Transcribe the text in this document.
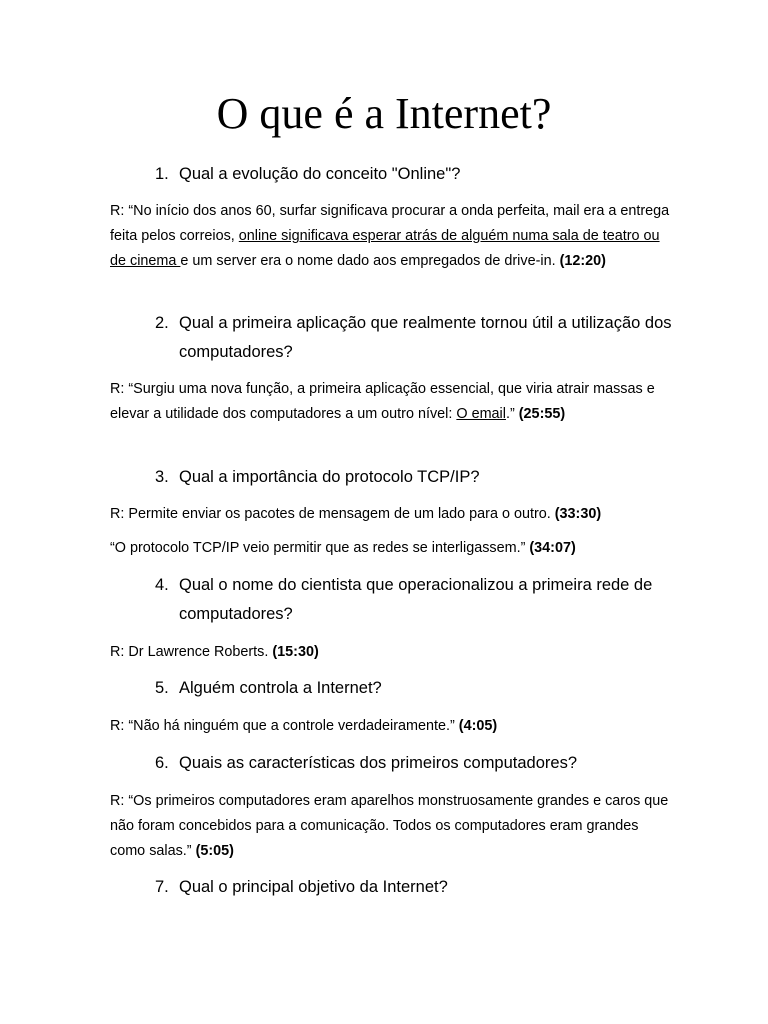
O que é a Internet?
1. Qual a evolução do conceito "Online"?
R: “No início dos anos 60, surfar significava procurar a onda perfeita, mail era a entrega feita pelos correios, online significava esperar atrás de alguém numa sala de teatro ou de cinema e um server era o nome dado aos empregados de drive-in. (12:20)
2. Qual a primeira aplicação que realmente tornou útil a utilização dos computadores?
R: “Surgiu uma nova função, a primeira aplicação essencial, que viria atrair massas e elevar a utilidade dos computadores a um outro nível: O email.” (25:55)
3. Qual a importância do protocolo TCP/IP?
R: Permite enviar os pacotes de mensagem de um lado para o outro. (33:30)
“O protocolo TCP/IP veio permitir que as redes se interligassem.” (34:07)
4. Qual o nome do cientista que operacionalizou a primeira rede de computadores?
R: Dr Lawrence Roberts. (15:30)
5. Alguém controla a Internet?
R: “Não há ninguém que a controle verdadeiramente.” (4:05)
6. Quais as características dos primeiros computadores?
R: “Os primeiros computadores eram aparelhos monstruosamente grandes e caros que não foram concebidos para a comunicação. Todos os computadores eram grandes como salas.” (5:05)
7. Qual o principal objetivo da Internet?
